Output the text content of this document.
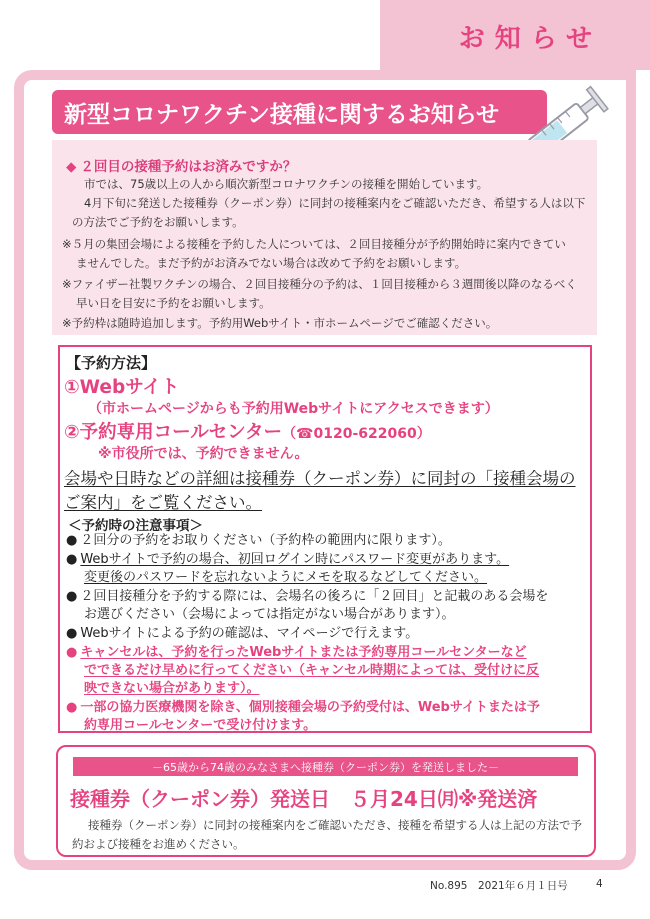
お知らせ
新型コロナワクチン接種に関するお知らせ
◆ ２回目の接種予約はお済みですか？
市では、75歳以上の人から順次新型コロナワクチンの接種を開始しています。
4月下旬に発送した接種券（クーポン券）に同封の接種案内をご確認いただき、希望する人は以下
の方法でご予約をお願いします。
※５月の集団会場による接種を予約した人については、２回目接種分が予約開始時に案内できてい
ませんでした。まだ予約がお済みでない場合は改めて予約をお願いします。
※ファイザー社製ワクチンの場合、２回目接種分の予約は、１回目接種から３週間後以降のなるべく
早い日を目安に予約をお願いします。
※予約枠は随時追加します。予約用Webサイト・市ホームページでご確認ください。
【予約方法】
①Webサイト
（市ホームページからも予約用Webサイトにアクセスできます）
②予約専用コールセンター（☎0120-622060）
※市役所では、予約できません。
会場や日時などの詳細は接種券（クーポン券）に同封の「接種会場の
ご案内」をご覧ください。
＜予約時の注意事項＞
● ２回分の予約をお取りください（予約枠の範囲内に限ります）。
● Webサイトで予約の場合、初回ログイン時にパスワード変更があります。
変更後のパスワードを忘れないようにメモを取るなどしてください。
● ２回目接種分を予約する際には、会場名の後ろに「２回目」と記載のある会場を
お選びください（会場によっては指定がない場合があります）。
● Webサイトによる予約の確認は、マイページで行えます。
● キャンセルは、予約を行ったWebサイトまたは予約専用コールセンターなど
でできるだけ早めに行ってください（キャンセル時期によっては、受付けに反
映できない場合があります）。
● 一部の協力医療機関を除き、個別接種会場の予約受付は、Webサイトまたは予
約専用コールセンターで受け付けます。
－65歳から74歳のみなさまへ接種券（クーポン券）を発送しました－
接種券（クーポン券）発送日　５月24日㈪※発送済
接種券（クーポン券）に同封の接種案内をご確認いただき、接種を希望する人は上記の方法で予
約および接種をお進めください。
No.895　2021年６月１日号	4
